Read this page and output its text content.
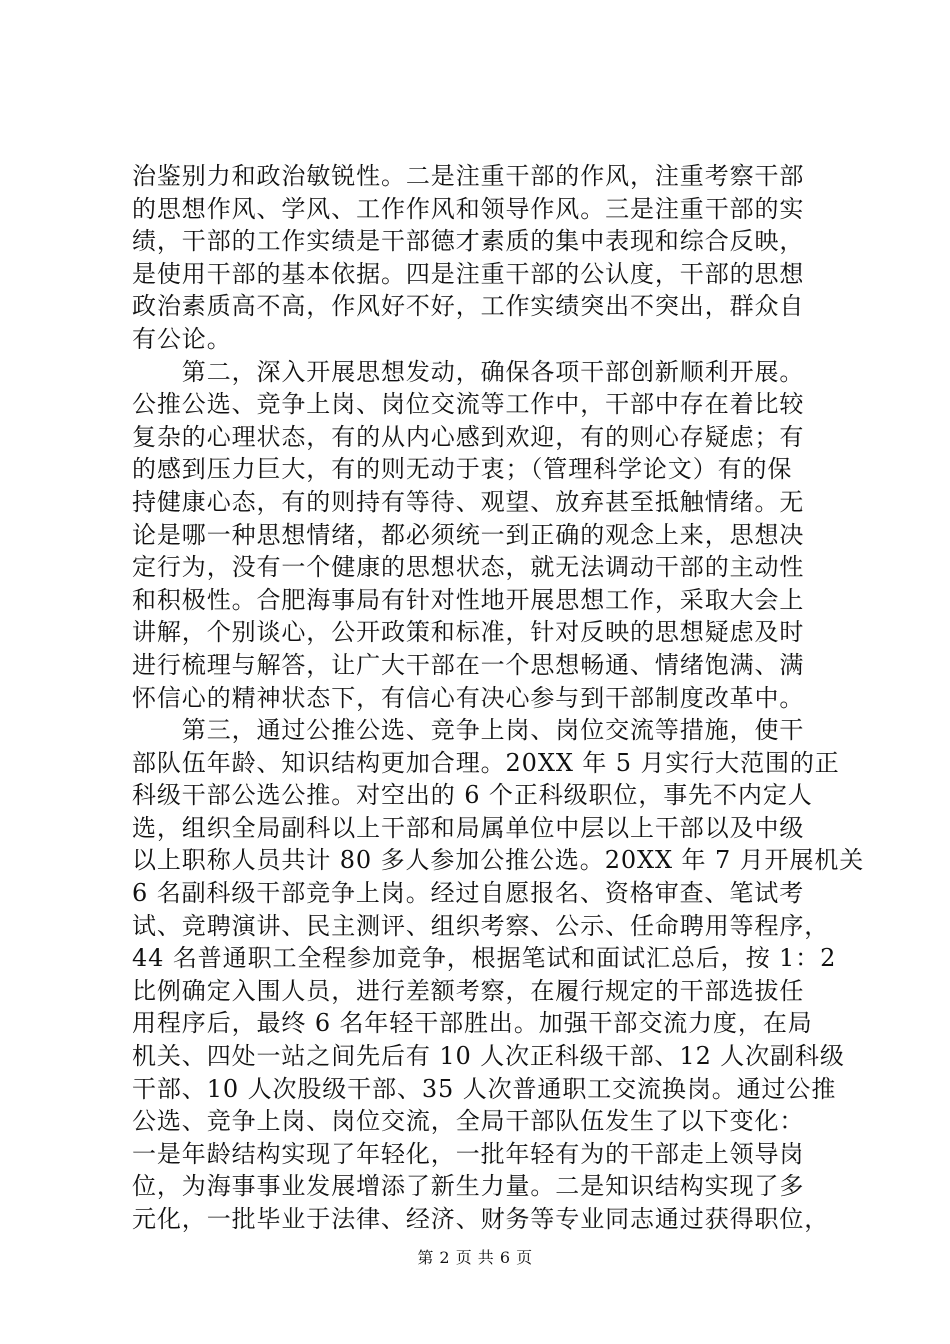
治鉴别力和政治敏锐性。二是注重干部的作风，注重考察干部
的思想作风、学风、工作作风和领导作风。三是注重干部的实
绩，干部的工作实绩是干部德才素质的集中表现和综合反映，
是使用干部的基本依据。四是注重干部的公认度，干部的思想
政治素质高不高，作风好不好，工作实绩突出不突出，群众自
有公论。
　　第二，深入开展思想发动，确保各项干部创新顺利开展。
公推公选、竞争上岗、岗位交流等工作中，干部中存在着比较
复杂的心理状态，有的从内心感到欢迎，有的则心存疑虑；有
的感到压力巨大，有的则无动于衷；（管理科学论文）有的保
持健康心态，有的则持有等待、观望、放弃甚至抵触情绪。无
论是哪一种思想情绪，都必须统一到正确的观念上来，思想决
定行为，没有一个健康的思想状态，就无法调动干部的主动性
和积极性。合肥海事局有针对性地开展思想工作，采取大会上
讲解，个别谈心，公开政策和标准，针对反映的思想疑虑及时
进行梳理与解答，让广大干部在一个思想畅通、情绪饱满、满
怀信心的精神状态下，有信心有决心参与到干部制度改革中。
　　第三，通过公推公选、竞争上岗、岗位交流等措施，使干
部队伍年龄、知识结构更加合理。20XX 年 5 月实行大范围的正
科级干部公选公推。对空出的 6 个正科级职位，事先不内定人
选，组织全局副科以上干部和局属单位中层以上干部以及中级
以上职称人员共计 80 多人参加公推公选。20XX 年 7 月开展机关
6 名副科级干部竞争上岗。经过自愿报名、资格审查、笔试考
试、竞聘演讲、民主测评、组织考察、公示、任命聘用等程序，
44 名普通职工全程参加竞争，根据笔试和面试汇总后，按 1：2
比例确定入围人员，进行差额考察，在履行规定的干部选拔任
用程序后，最终 6 名年轻干部胜出。加强干部交流力度，在局
机关、四处一站之间先后有 10 人次正科级干部、12 人次副科级
干部、10 人次股级干部、35 人次普通职工交流换岗。通过公推
公选、竞争上岗、岗位交流，全局干部队伍发生了以下变化：
一是年龄结构实现了年轻化，一批年轻有为的干部走上领导岗
位，为海事事业发展增添了新生力量。二是知识结构实现了多
元化，一批毕业于法律、经济、财务等专业同志通过获得职位，
第 2 页 共 6 页
